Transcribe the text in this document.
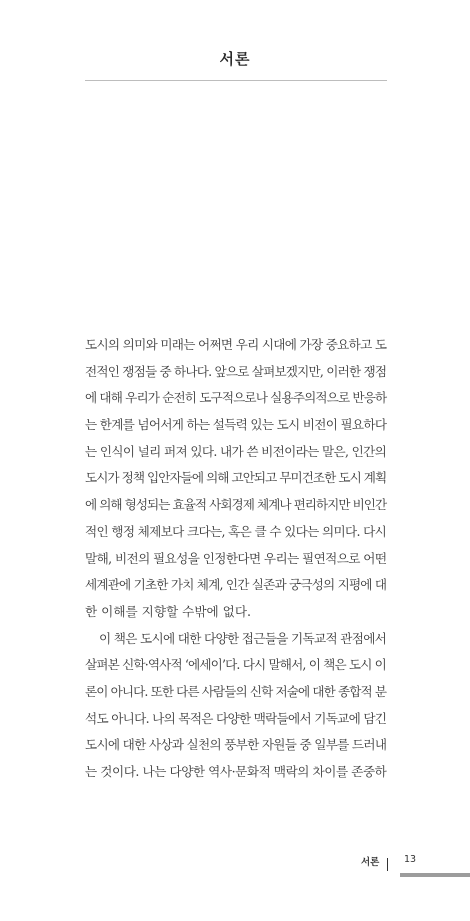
서론
도시의 의미와 미래는 어쩌면 우리 시대에 가장 중요하고 도
전적인 쟁점들 중 하나다. 앞으로 살펴보겠지만, 이러한 쟁점
에 대해 우리가 순전히 도구적으로나 실용주의적으로 반응하
는 한계를 넘어서게 하는 설득력 있는 도시 비전이 필요하다
는 인식이 널리 퍼져 있다. 내가 쓴 비전이라는 말은, 인간의
도시가 정책 입안자들에 의해 고안되고 무미건조한 도시 계획
에 의해 형성되는 효율적 사회경제 체계나 편리하지만 비인간
적인 행정 체제보다 크다는, 혹은 클 수 있다는 의미다. 다시
말해, 비전의 필요성을 인정한다면 우리는 필연적으로 어떤
세계관에 기초한 가치 체계, 인간 실존과 궁극성의 지평에 대
한 이해를 지향할 수밖에 없다.
이 책은 도시에 대한 다양한 접근들을 기독교적 관점에서
살펴본 신학·역사적 ‘에세이’다. 다시 말해서, 이 책은 도시 이
론이 아니다. 또한 다른 사람들의 신학 저술에 대한 종합적 분
석도 아니다. 나의 목적은 다양한 맥락들에서 기독교에 담긴
도시에 대한 사상과 실천의 풍부한 자원들 중 일부를 드러내
는 것이다. 나는 다양한 역사·문화적 맥락의 차이를 존중하
서론	13
